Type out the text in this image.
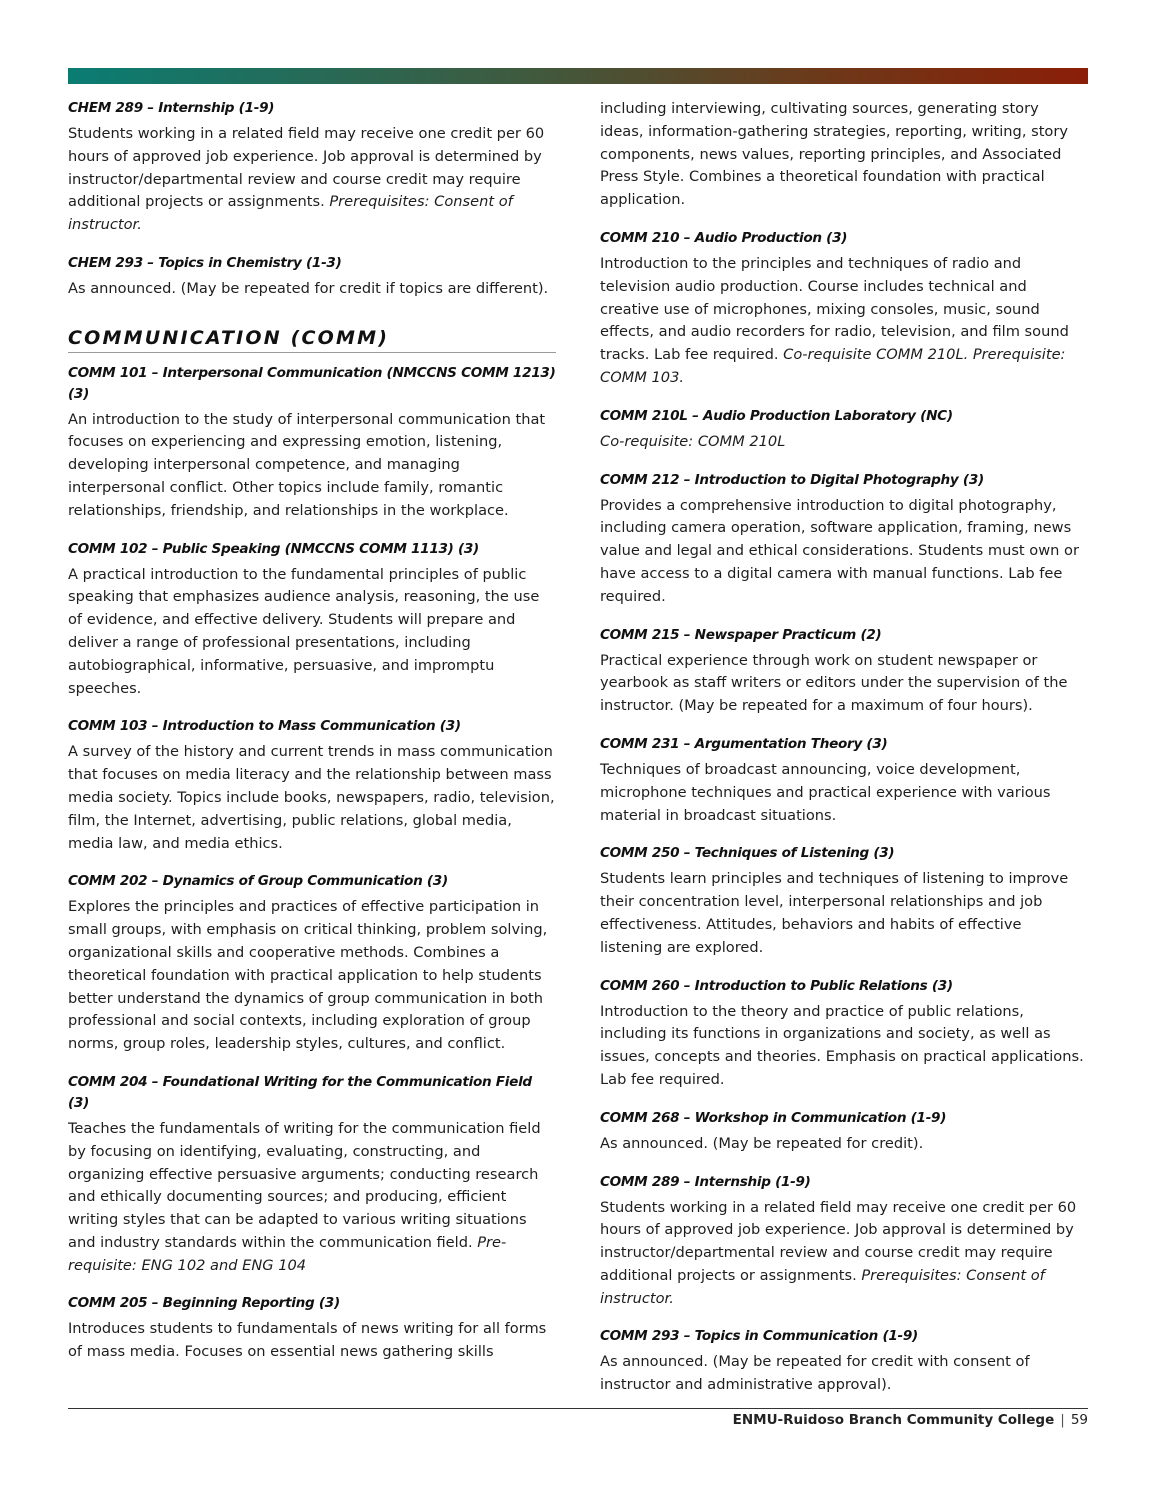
CHEM 289 – Internship (1-9)

Students working in a related field may receive one credit per 60 hours of approved job experience. Job approval is determined by instructor/departmental review and course credit may require additional projects or assignments. Prerequisites: Consent of instructor.

CHEM 293 – Topics in Chemistry (1-3)

As announced. (May be repeated for credit if topics are different).

COMMUNICATION (COMM)
COMM 101 – Interpersonal Communication (NMCCNS COMM 1213) (3)

An introduction to the study of interpersonal communication that focuses on experiencing and expressing emotion, listening, developing interpersonal competence, and managing interpersonal conflict. Other topics include family, romantic relationships, friendship, and relationships in the workplace.

COMM 102 – Public Speaking (NMCCNS COMM 1113) (3)

A practical introduction to the fundamental principles of public speaking that emphasizes audience analysis, reasoning, the use of evidence, and effective delivery. Students will prepare and deliver a range of professional presentations, including autobiographical, informative, persuasive, and impromptu speeches.

COMM 103 – Introduction to Mass Communication (3)

A survey of the history and current trends in mass communication that focuses on media literacy and the relationship between mass media society. Topics include books, newspapers, radio, television, film, the Internet, advertising, public relations, global media, media law, and media ethics.

COMM 202 – Dynamics of Group Communication (3)

Explores the principles and practices of effective participation in small groups, with emphasis on critical thinking, problem solving, organizational skills and cooperative methods. Combines a theoretical foundation with practical application to help students better understand the dynamics of group communication in both professional and social contexts, including exploration of group norms, group roles, leadership styles, cultures, and conflict.

COMM 204 – Foundational Writing for the Communication Field (3)

Teaches the fundamentals of writing for the communication field by focusing on identifying, evaluating, constructing, and organizing effective persuasive arguments; conducting research and ethically documenting sources; and producing, efficient writing styles that can be adapted to various writing situations and industry standards within the communication field. Pre-requisite: ENG 102 and ENG 104

COMM 205 – Beginning Reporting (3)

Introduces students to fundamentals of news writing for all forms of mass media. Focuses on essential news gathering skills

including interviewing, cultivating sources, generating story ideas, information-gathering strategies, reporting, writing, story components, news values, reporting principles, and Associated Press Style. Combines a theoretical foundation with practical application.

COMM 210 – Audio Production (3)

Introduction to the principles and techniques of radio and television audio production. Course includes technical and creative use of microphones, mixing consoles, music, sound effects, and audio recorders for radio, television, and film sound tracks. Lab fee required. Co-requisite COMM 210L. Prerequisite: COMM 103.

COMM 210L – Audio Production Laboratory (NC)

Co-requisite: COMM 210L

COMM 212 – Introduction to Digital Photography (3)

Provides a comprehensive introduction to digital photography, including camera operation, software application, framing, news value and legal and ethical considerations. Students must own or have access to a digital camera with manual functions. Lab fee required.

COMM 215 – Newspaper Practicum (2)

Practical experience through work on student newspaper or yearbook as staff writers or editors under the supervision of the instructor. (May be repeated for a maximum of four hours).

COMM 231 – Argumentation Theory (3)

Techniques of broadcast announcing, voice development, microphone techniques and practical experience with various material in broadcast situations.

COMM 250 – Techniques of Listening (3)

Students learn principles and techniques of listening to improve their concentration level, interpersonal relationships and job effectiveness. Attitudes, behaviors and habits of effective listening are explored.

COMM 260 – Introduction to Public Relations (3)

Introduction to the theory and practice of public relations, including its functions in organizations and society, as well as issues, concepts and theories. Emphasis on practical applications. Lab fee required.

COMM 268 – Workshop in Communication (1-9)

As announced. (May be repeated for credit).

COMM 289 – Internship (1-9)

Students working in a related field may receive one credit per 60 hours of approved job experience. Job approval is determined by instructor/departmental review and course credit may require additional projects or assignments. Prerequisites: Consent of instructor.

COMM 293 – Topics in Communication (1-9)

As announced. (May be repeated for credit with consent of instructor and administrative approval).

ENMU-Ruidoso Branch Community College | 59
